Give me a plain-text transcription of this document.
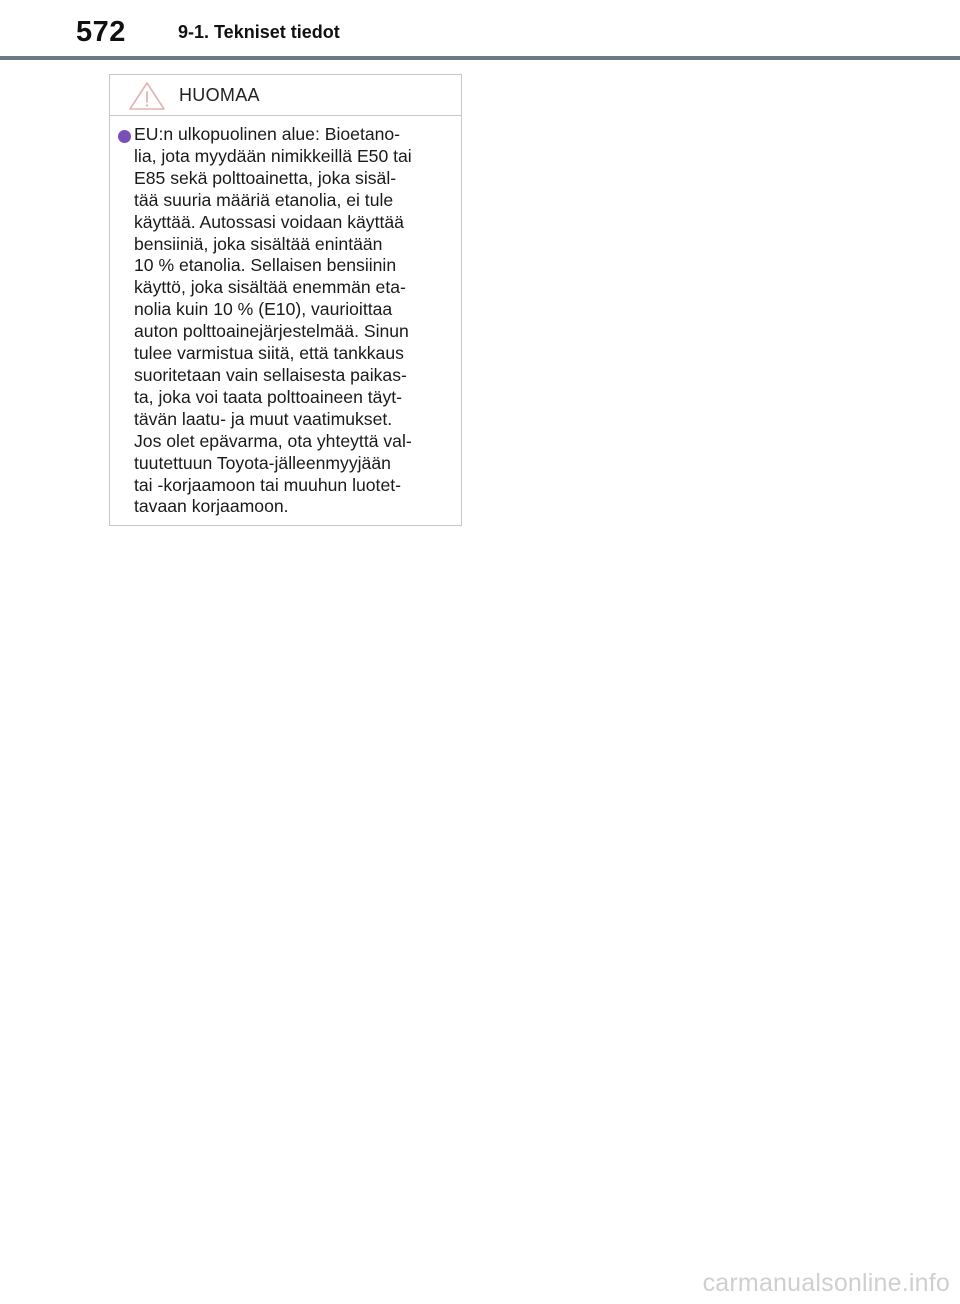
572	9-1. Tekniset tiedot
HUOMAA
EU:n ulkopuolinen alue: Bioetano-
lia, jota myydään nimikkeillä E50 tai
E85 sekä polttoainetta, joka sisäl-
tää suuria määriä etanolia, ei tule
käyttää. Autossasi voidaan käyttää
bensiiniä, joka sisältää enintään
10 % etanolia. Sellaisen bensiinin
käyttö, joka sisältää enemmän eta-
nolia kuin 10 % (E10), vaurioittaa
auton polttoainejärjestelmää. Sinun
tulee varmistua siitä, että tankkaus
suoritetaan vain sellaisesta paikas-
ta, joka voi taata polttoaineen täyt-
tävän laatu- ja muut vaatimukset.
Jos olet epävarma, ota yhteyttä val-
tuutettuun Toyota-jälleenmyyjään
tai -korjaamoon tai muuhun luotet-
tavaan korjaamoon.
carmanualsonline.info
